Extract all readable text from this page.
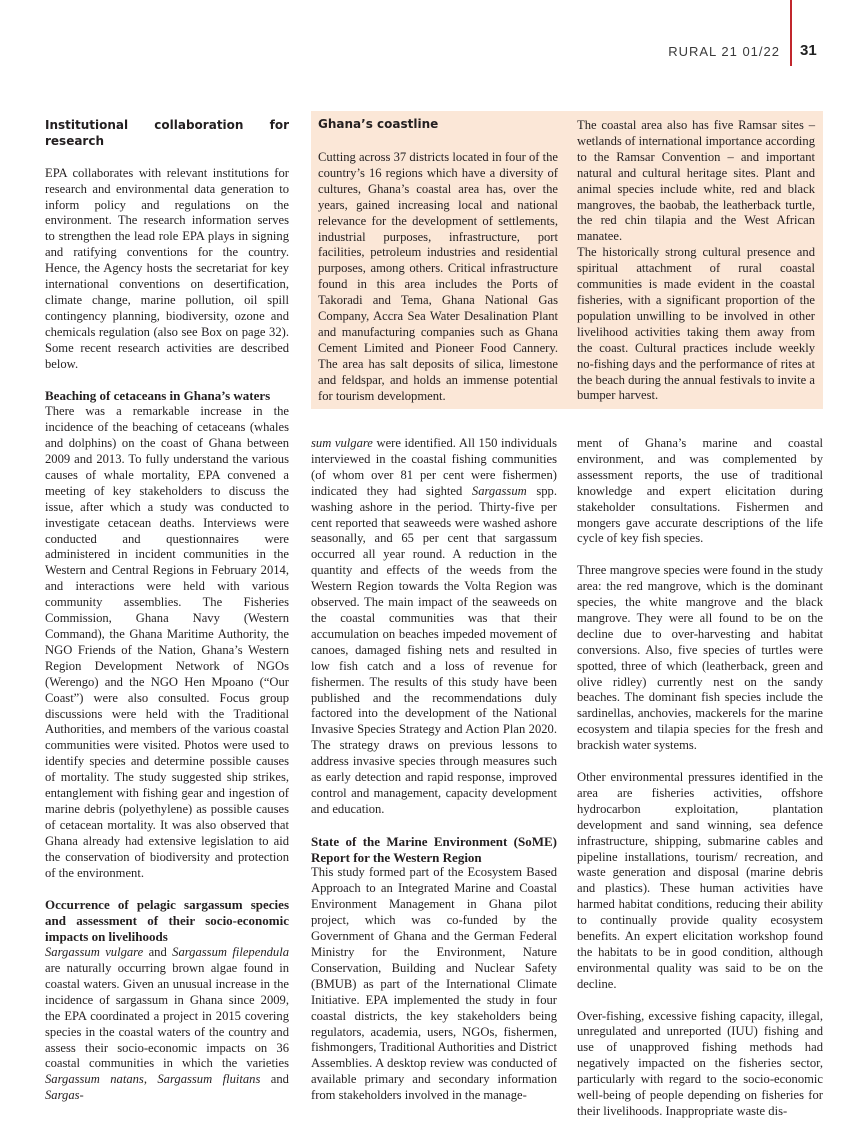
RURAL 21 01/22 31
Ghana’s coastline

Cutting across 37 districts located in four of the country’s 16 regions which have a diversity of cultures, Ghana’s coastal area has, over the years, gained increasing local and national relevance for the development of settlements, industrial purposes, infrastructure, port facilities, petroleum industries and residential purposes, among others. Critical infrastructure found in this area includes the Ports of Takoradi and Tema, Ghana National Gas Company, Accra Sea Water Desalination Plant and manufacturing companies such as Ghana Cement Limited and Pioneer Food Cannery. The area has salt deposits of silica, limestone and feldspar, and holds an immense potential for tourism development.

The coastal area also has five Ramsar sites – wetlands of international importance according to the Ramsar Convention – and important natural and cultural heritage sites. Plant and animal species include white, red and black mangroves, the baobab, the leatherback turtle, the red chin tilapia and the West African manatee.

The historically strong cultural presence and spiritual attachment of rural coastal communities is made evident in the coastal fisheries, with a significant proportion of the population unwilling to be involved in other livelihood activities taking them away from the coast. Cultural practices include weekly no-fishing days and the performance of rites at the beach during the annual festivals to invite a bumper harvest.

Institutional collaboration for research

EPA collaborates with relevant institutions for research and environmental data generation to inform policy and regulations on the environment. The research information serves to strengthen the lead role EPA plays in signing and ratifying conventions for the country. Hence, the Agency hosts the secretariat for key international conventions on desertification, climate change, marine pollution, oil spill contingency planning, biodiversity, ozone and chemicals regulation (also see Box on page 32). Some recent research activities are described below.

Beaching of cetaceans in Ghana’s waters

There was a remarkable increase in the incidence of the beaching of cetaceans (whales and dolphins) on the coast of Ghana between 2009 and 2013. To fully understand the various causes of whale mortality, EPA convened a meeting of key stakeholders to discuss the issue, after which a study was conducted to investigate cetacean deaths. Interviews were conducted and questionnaires were administered in incident communities in the Western and Central Regions in February 2014, and interactions were held with various community assemblies. The Fisheries Commission, Ghana Navy (Western Command), the Ghana Maritime Authority, the NGO Friends of the Nation, Ghana’s Western Region Development Network of NGOs (Werengo) and the NGO Hen Mpoano (“Our Coast”) were also consulted. Focus group discussions were held with the Traditional Authorities, and members of the various coastal communities were visited. Photos were used to identify species and determine possible causes of mortality. The study suggested ship strikes, entanglement with fishing gear and ingestion of marine debris (polyethylene) as possible causes of cetacean mortality. It was also observed that Ghana already had extensive legislation to aid the conservation of biodiversity and protection of the environment.

Occurrence of pelagic sargassum species and assessment of their socio-economic impacts on livelihoods

Sargassum vulgare and Sargassum filependula are naturally occurring brown algae found in coastal waters. Given an unusual increase in the incidence of sargassum in Ghana since 2009, the EPA coordinated a project in 2015 covering species in the coastal waters of the country and assess their socio-economic impacts on 36 coastal communities in which the varieties Sargassum natans, Sargassum fluitans and Sargas-

sum vulgare were identified. All 150 individuals interviewed in the coastal fishing communities (of whom over 81 per cent were fishermen) indicated they had sighted Sargassum spp. washing ashore in the period. Thirty-five per cent reported that seaweeds were washed ashore seasonally, and 65 per cent that sargassum occurred all year round. A reduction in the quantity and effects of the weeds from the Western Region towards the Volta Region was observed. The main impact of the seaweeds on the coastal communities was that their accumulation on beaches impeded movement of canoes, damaged fishing nets and resulted in low fish catch and a loss of revenue for fishermen. The results of this study have been published and the recommendations duly factored into the development of the National Invasive Species Strategy and Action Plan 2020. The strategy draws on previous lessons to address invasive species through measures such as early detection and rapid response, improved control and management, capacity development and education.

State of the Marine Environment (SoME) Report for the Western Region

This study formed part of the Ecosystem Based Approach to an Integrated Marine and Coastal Environment Management in Ghana pilot project, which was co-funded by the Government of Ghana and the German Federal Ministry for the Environment, Nature Conservation, Building and Nuclear Safety (BMUB) as part of the International Climate Initiative. EPA implemented the study in four coastal districts, the key stakeholders being regulators, academia, users, NGOs, fishermen, fishmongers, Traditional Authorities and District Assemblies. A desktop review was conducted of available primary and secondary information from stakeholders involved in the manage-

ment of Ghana’s marine and coastal environment, and was complemented by assessment reports, the use of traditional knowledge and expert elicitation during stakeholder consultations. Fishermen and mongers gave accurate descriptions of the life cycle of key fish species.

Three mangrove species were found in the study area: the red mangrove, which is the dominant species, the white mangrove and the black mangrove. They were all found to be on the decline due to over-harvesting and habitat conversions. Also, five species of turtles were spotted, three of which (leatherback, green and olive ridley) currently nest on the sandy beaches. The dominant fish species include the sardinellas, anchovies, mackerels for the marine ecosystem and tilapia species for the fresh and brackish water systems.

Other environmental pressures identified in the area are fisheries activities, offshore hydrocarbon exploitation, plantation development and sand winning, sea defence infrastructure, shipping, submarine cables and pipeline installations, tourism/ recreation, and waste generation and disposal (marine debris and plastics). These human activities have harmed habitat conditions, reducing their ability to continually provide quality ecosystem benefits. An expert elicitation workshop found the habitats to be in good condition, although environmental quality was said to be on the decline.

Over-fishing, excessive fishing capacity, illegal, unregulated and unreported (IUU) fishing and use of unapproved fishing methods had negatively impacted on the fisheries sector, particularly with regard to the socio-economic well-being of people depending on fisheries for their livelihoods. Inappropriate waste dis-
